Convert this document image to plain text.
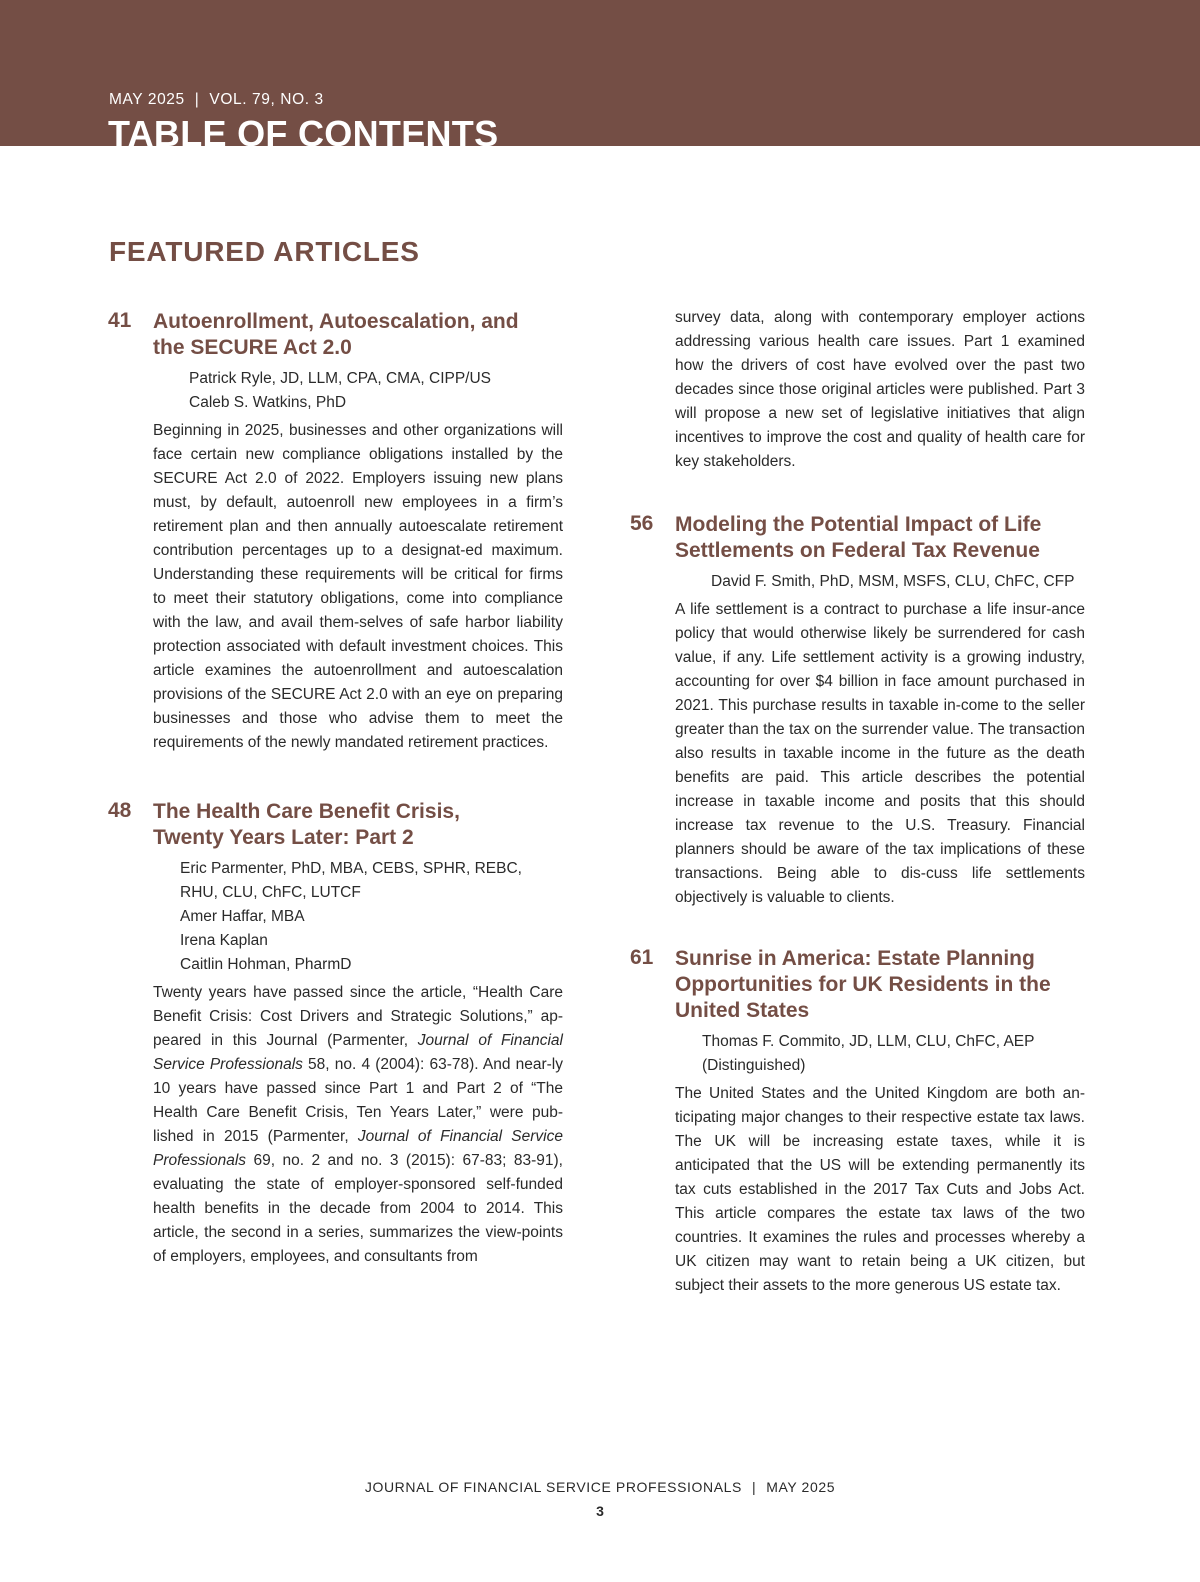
MAY 2025 | VOL. 79, NO. 3
TABLE OF CONTENTS
FEATURED ARTICLES
41 Autoenrollment, Autoescalation, and
the SECURE Act 2.0
Patrick Ryle, JD, LLM, CPA, CMA, CIPP/US
Caleb S. Watkins, PhD
Beginning in 2025, businesses and other organizations will face certain new compliance obligations installed by the SECURE Act 2.0 of 2022. Employers issuing new plans must, by default, autoenroll new employees in a firm’s retirement plan and then annually autoescalate retirement contribution percentages up to a designat-ed maximum. Understanding these requirements will be critical for firms to meet their statutory obligations, come into compliance with the law, and avail them-selves of safe harbor liability protection associated with default investment choices. This article examines the autoenrollment and autoescalation provisions of the SECURE Act 2.0 with an eye on preparing businesses and those who advise them to meet the requirements of the newly mandated retirement practices.
48 The Health Care Benefit Crisis,
Twenty Years Later: Part 2
Eric Parmenter, PhD, MBA, CEBS, SPHR, REBC,
RHU, CLU, ChFC, LUTCF
Amer Haffar, MBA
Irena Kaplan
Caitlin Hohman, PharmD
Twenty years have passed since the article, “Health Care Benefit Crisis: Cost Drivers and Strategic Solutions,” ap-peared in this Journal (Parmenter, Journal of Financial Service Professionals 58, no. 4 (2004): 63-78). And near-ly 10 years have passed since Part 1 and Part 2 of “The Health Care Benefit Crisis, Ten Years Later,” were pub-lished in 2015 (Parmenter, Journal of Financial Service Professionals 69, no. 2 and no. 3 (2015): 67-83; 83-91), evaluating the state of employer-sponsored self-funded health benefits in the decade from 2004 to 2014. This article, the second in a series, summarizes the view-points of employers, employees, and consultants from
survey data, along with contemporary employer actions addressing various health care issues. Part 1 examined how the drivers of cost have evolved over the past two decades since those original articles were published. Part 3 will propose a new set of legislative initiatives that align incentives to improve the cost and quality of health care for key stakeholders.
56 Modeling the Potential Impact of Life
Settlements on Federal Tax Revenue
David F. Smith, PhD, MSM, MSFS, CLU, ChFC, CFP
A life settlement is a contract to purchase a life insur-ance policy that would otherwise likely be surrendered for cash value, if any. Life settlement activity is a growing industry, accounting for over $4 billion in face amount purchased in 2021. This purchase results in taxable in-come to the seller greater than the tax on the surrender value. The transaction also results in taxable income in the future as the death benefits are paid. This article describes the potential increase in taxable income and posits that this should increase tax revenue to the U.S. Treasury. Financial planners should be aware of the tax implications of these transactions. Being able to dis-cuss life settlements objectively is valuable to clients.
61 Sunrise in America: Estate Planning
Opportunities for UK Residents in the
United States
Thomas F. Commito, JD, LLM, CLU, ChFC, AEP
(Distinguished)
The United States and the United Kingdom are both an-ticipating major changes to their respective estate tax laws. The UK will be increasing estate taxes, while it is anticipated that the US will be extending permanently its tax cuts established in the 2017 Tax Cuts and Jobs Act. This article compares the estate tax laws of the two countries. It examines the rules and processes whereby a UK citizen may want to retain being a UK citizen, but subject their assets to the more generous US estate tax.
JOURNAL OF FINANCIAL SERVICE PROFESSIONALS | MAY 2025
3
